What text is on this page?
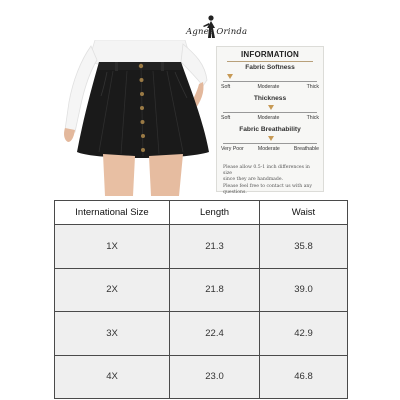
Agnes Orinda
INFORMATION
Fabric Softness
Soft	Moderate	Thick
Thickness
Soft	Moderate	Thick
Fabric Breathability
Very Poor	Moderate	Breathable

Please allow 0.5-1 inch differences in size

since they are handmade.

Please feel free to contact us with any questions.

International Size	Length	Waist
1X	21.3	35.8
2X	21.8	39.0
3X	22.4	42.9
4X	23.0	46.8
